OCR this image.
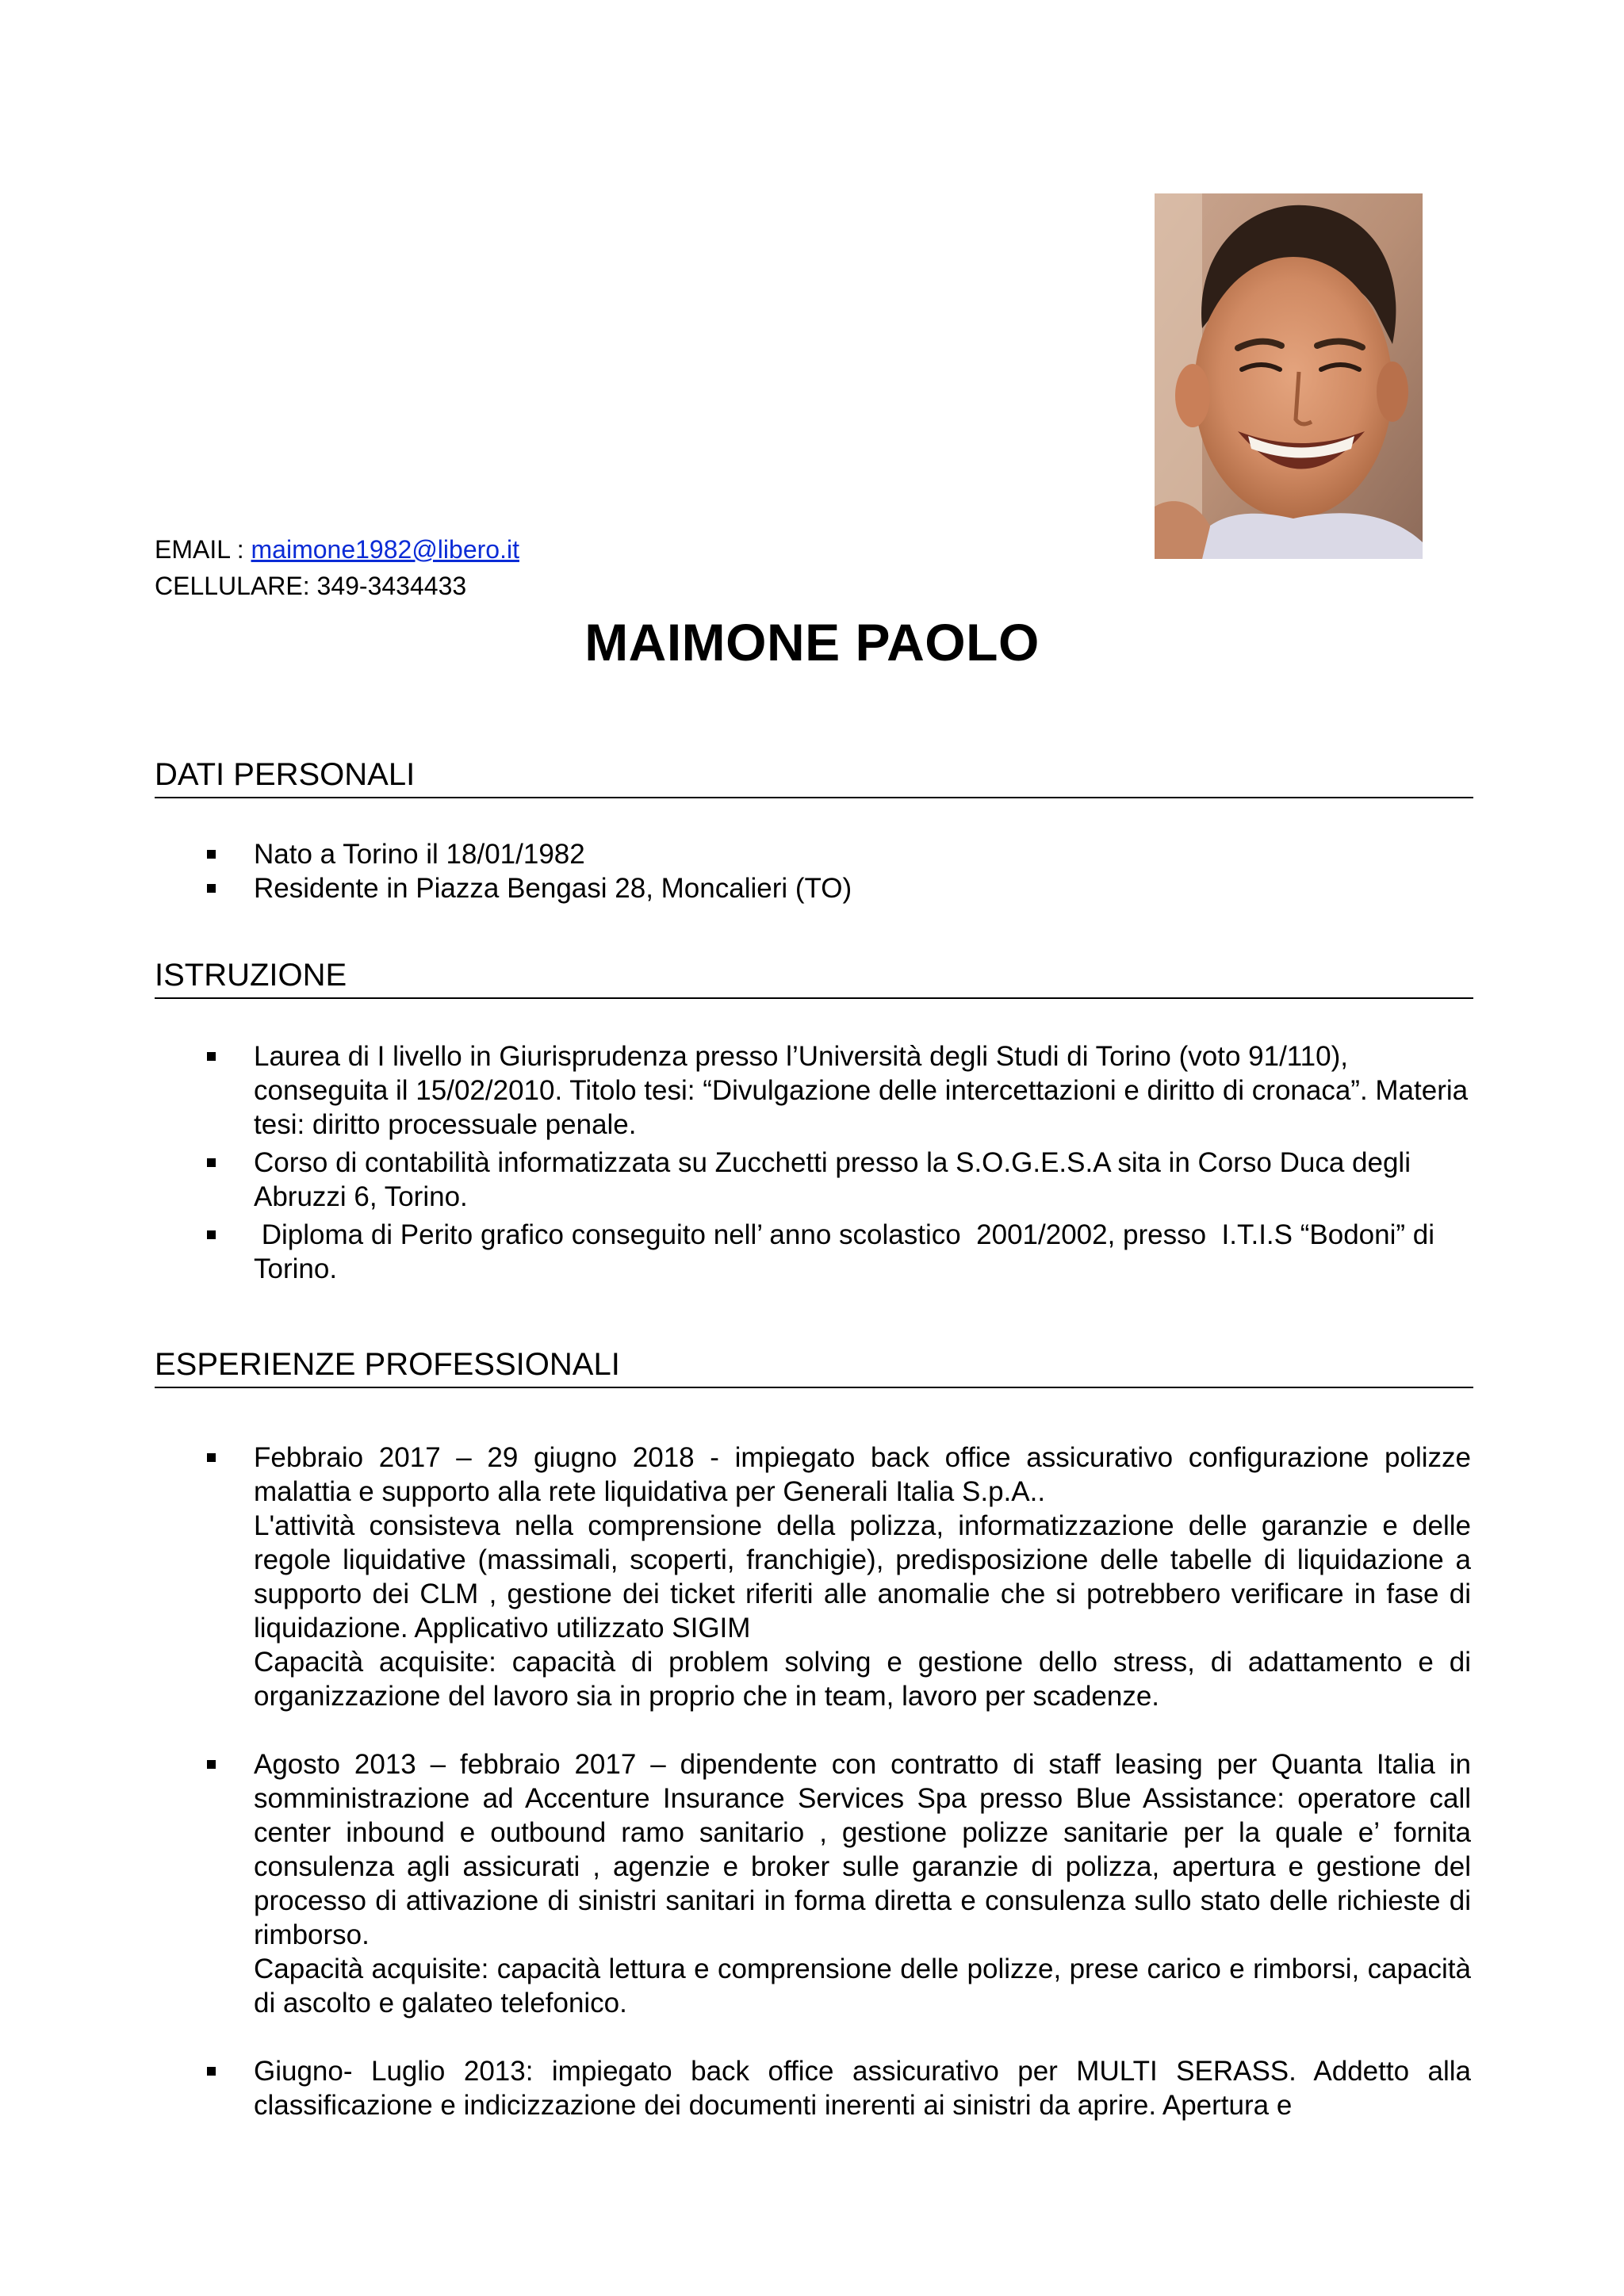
EMAIL : maimone1982@libero.it
CELLULARE: 349-3434433
MAIMONE PAOLO
DATI PERSONALI
Nato a Torino il 18/01/1982
Residente in Piazza Bengasi 28, Moncalieri (TO)
ISTRUZIONE
Laurea di I livello in Giurisprudenza presso l’Università degli Studi di Torino (voto 91/110), conseguita il 15/02/2010. Titolo tesi: “Divulgazione delle intercettazioni e diritto di cronaca”. Materia tesi: diritto processuale penale.
Corso di contabilità informatizzata su Zucchetti presso la S.O.G.E.S.A sita in Corso Duca degli Abruzzi 6, Torino.
Diploma di Perito grafico conseguito nell’ anno scolastico  2001/2002, presso  I.T.I.S “Bodoni” di Torino.
ESPERIENZE PROFESSIONALI
Febbraio 2017 – 29 giugno 2018 - impiegato back office assicurativo configurazione polizze malattia e supporto alla rete liquidativa per Generali Italia S.p.A..
L'attività consisteva nella comprensione della polizza, informatizzazione delle garanzie e delle regole liquidative (massimali, scoperti, franchigie), predisposizione delle tabelle di liquidazione a supporto dei CLM , gestione dei ticket riferiti alle anomalie che si potrebbero verificare in fase di liquidazione. Applicativo utilizzato SIGIM
Capacità acquisite: capacità di problem solving e gestione dello stress, di adattamento e di organizzazione del lavoro sia in proprio che in team, lavoro per scadenze.
Agosto 2013 – febbraio 2017 – dipendente con contratto di staff leasing per Quanta Italia in somministrazione ad Accenture Insurance Services Spa presso Blue Assistance: operatore call center inbound e outbound ramo sanitario , gestione polizze sanitarie per la quale e’ fornita consulenza agli assicurati , agenzie e broker sulle garanzie di polizza, apertura e gestione del processo di attivazione di sinistri sanitari in forma diretta e consulenza sullo stato delle richieste di rimborso.
Capacità acquisite: capacità lettura e comprensione delle polizze, prese carico e rimborsi, capacità di ascolto e galateo telefonico.
Giugno- Luglio 2013: impiegato back office assicurativo per MULTI SERASS. Addetto alla classificazione e indicizzazione dei documenti inerenti ai sinistri da aprire. Apertura e
